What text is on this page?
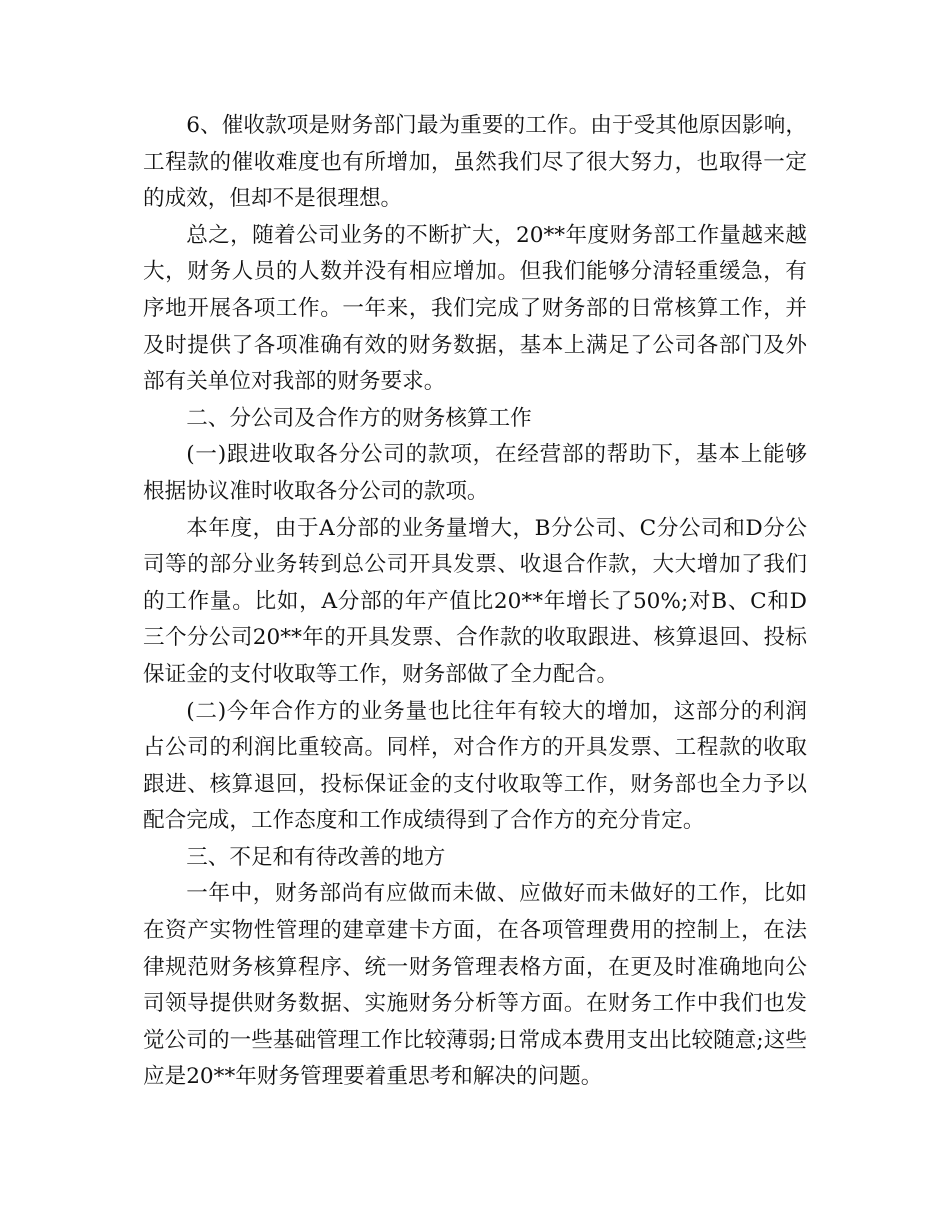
6、催收款项是财务部门最为重要的工作。由于受其他原因影响，工程款的催收难度也有所增加，虽然我们尽了很大努力，也取得一定的成效，但却不是很理想。

总之，随着公司业务的不断扩大，20**年度财务部工作量越来越大，财务人员的人数并没有相应增加。但我们能够分清轻重缓急，有序地开展各项工作。一年来，我们完成了财务部的日常核算工作，并及时提供了各项准确有效的财务数据，基本上满足了公司各部门及外部有关单位对我部的财务要求。

二、分公司及合作方的财务核算工作

(一)跟进收取各分公司的款项，在经营部的帮助下，基本上能够根据协议准时收取各分公司的款项。

本年度，由于A分部的业务量增大，B分公司、C分公司和D分公司等的部分业务转到总公司开具发票、收退合作款，大大增加了我们的工作量。比如，A分部的年产值比20**年增长了50%;对B、C和D三个分公司20**年的开具发票、合作款的收取跟进、核算退回、投标保证金的支付收取等工作，财务部做了全力配合。

(二)今年合作方的业务量也比往年有较大的增加，这部分的利润占公司的利润比重较高。同样，对合作方的开具发票、工程款的收取跟进、核算退回，投标保证金的支付收取等工作，财务部也全力予以配合完成，工作态度和工作成绩得到了合作方的充分肯定。

三、不足和有待改善的地方

一年中，财务部尚有应做而未做、应做好而未做好的工作，比如在资产实物性管理的建章建卡方面，在各项管理费用的控制上，在法律规范财务核算程序、统一财务管理表格方面，在更及时准确地向公司领导提供财务数据、实施财务分析等方面。在财务工作中我们也发觉公司的一些基础管理工作比较薄弱;日常成本费用支出比较随意;这些应是20**年财务管理要着重思考和解决的问题。
